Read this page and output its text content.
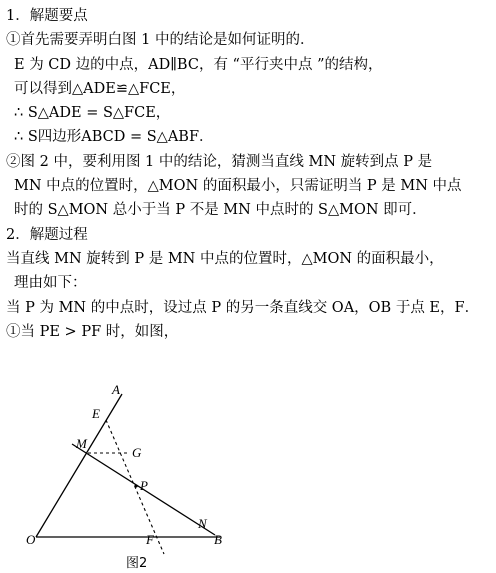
1．解题要点
①首先需要弄明白图 1 中的结论是如何证明的．
E 为 CD 边的中点，AD∥BC，有 “平行夹中点 ”的结构，
可以得到△ADE≌△FCE，
∴ S△ADE = S△FCE，
∴ S四边形ABCD = S△ABF．
②图 2 中，要利用图 1 中的结论，猜测当直线 MN 旋转到点 P 是
MN 中点的位置时，△MON 的面积最小，只需证明当 P 是 MN 中点
时的 S△MON 总小于当 P 不是 MN 中点时的 S△MON 即可．
2．解题过程
当直线 MN 旋转到 P 是 MN 中点的位置时，△MON 的面积最小，
理由如下：
当 P 为 MN 的中点时，设过点 P 的另一条直线交 OA，OB 于点 E，F．
①当 PE > PF 时，如图，
A
E
M
G
P
N
O	F	B
图2
